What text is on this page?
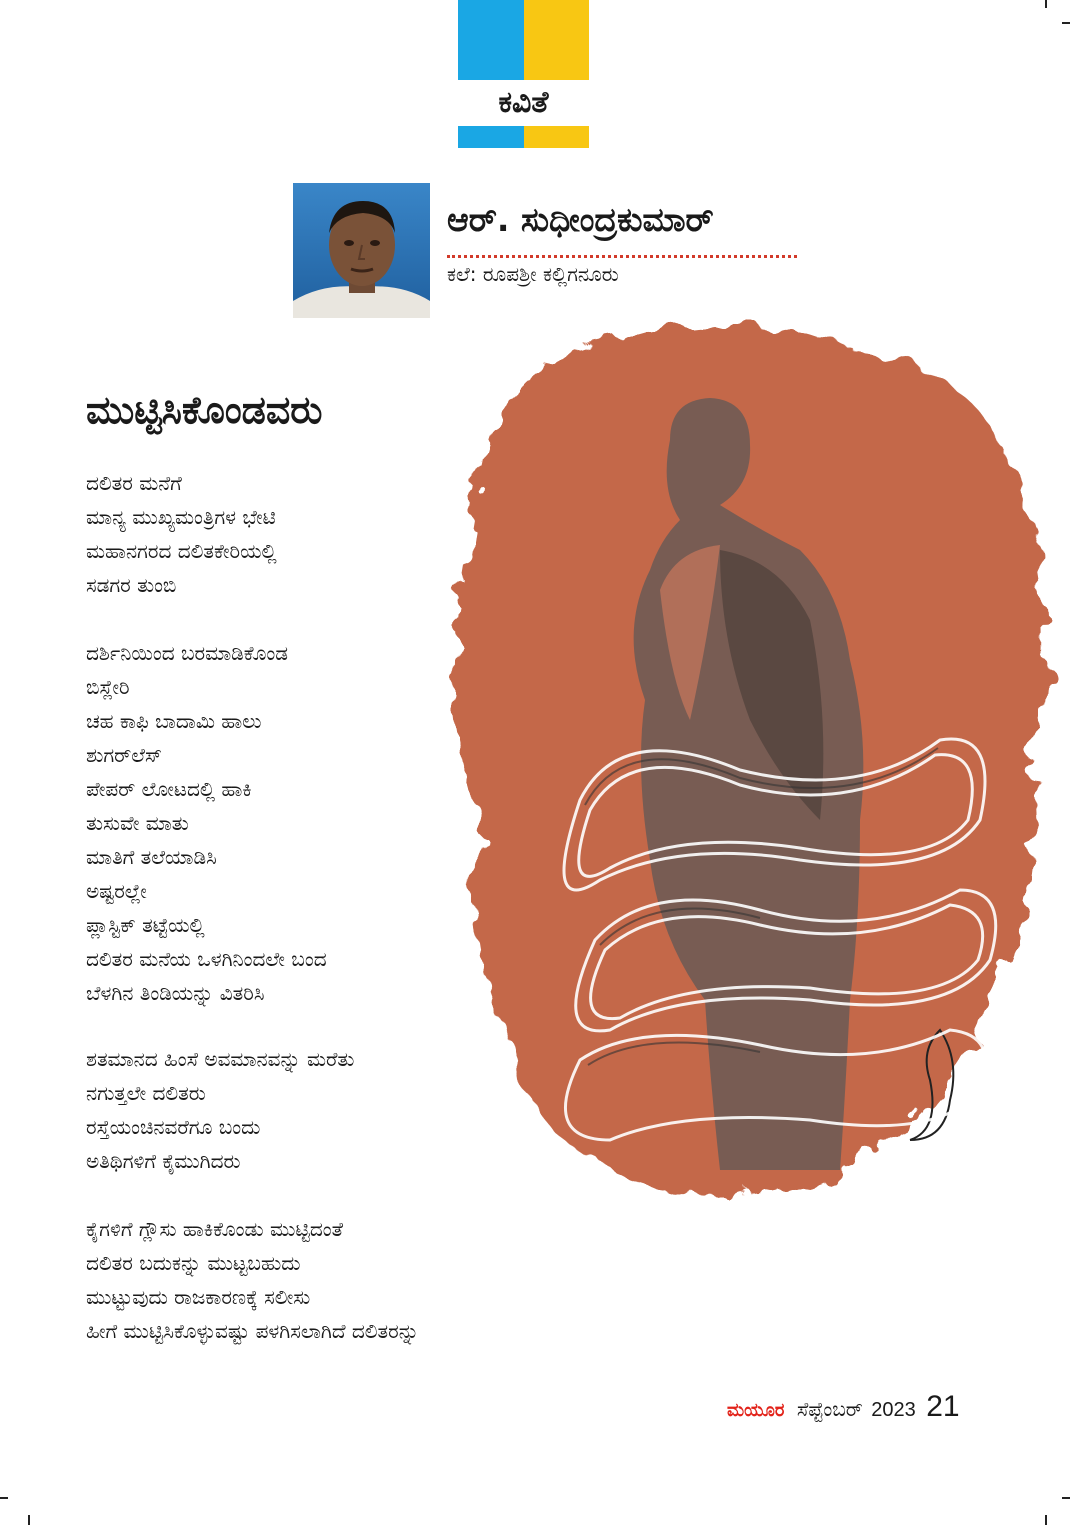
ಕವಿತೆ
ಆರ್. ಸುಧೀಂದ್ರಕುಮಾರ್
ಕಲೆ: ರೂಪಶ್ರೀ ಕಲ್ಲಿಗನೂರು
ಮುಟ್ಟಿಸಿಕೊಂಡವರು
ದಲಿತರ ಮನೆಗೆ
ಮಾನ್ಯ ಮುಖ್ಯಮಂತ್ರಿಗಳ ಭೇಟಿ
ಮಹಾನಗರದ ದಲಿತಕೇರಿಯಲ್ಲಿ
ಸಡಗರ ತುಂಬಿ
ದರ್ಶಿನಿಯಿಂದ ಬರಮಾಡಿಕೊಂಡ
ಬಿಸ್ಲೇರಿ
ಚಹ ಕಾಫಿ ಬಾದಾಮಿ ಹಾಲು
ಶುಗರ್‌ಲೆಸ್
ಪೇಪರ್ ಲೋಟದಲ್ಲಿ ಹಾಕಿ
ತುಸುವೇ ಮಾತು
ಮಾತಿಗೆ ತಲೆಯಾಡಿಸಿ
ಅಷ್ಟರಲ್ಲೇ
ಪ್ಲಾಸ್ಟಿಕ್ ತಟ್ಟೆಯಲ್ಲಿ
ದಲಿತರ ಮನೆಯ ಒಳಗಿನಿಂದಲೇ ಬಂದ
ಬೆಳಗಿನ ತಿಂಡಿಯನ್ನು ವಿತರಿಸಿ
ಶತಮಾನದ ಹಿಂಸೆ ಅವಮಾನವನ್ನು ಮರೆತು
ನಗುತ್ತಲೇ ದಲಿತರು
ರಸ್ತೆಯಂಚಿನವರೆಗೂ ಬಂದು
ಅತಿಥಿಗಳಿಗೆ ಕೈಮುಗಿದರು
ಕೈಗಳಿಗೆ ಗ್ಲೌಸು ಹಾಕಿಕೊಂಡು ಮುಟ್ಟಿದಂತೆ
ದಲಿತರ ಬದುಕನ್ನು ಮುಟ್ಟಬಹುದು
ಮುಟ್ಟುವುದು ರಾಜಕಾರಣಕ್ಕೆ ಸಲೀಸು
ಹೀಗೆ ಮುಟ್ಟಿಸಿಕೊಳ್ಳುವಷ್ಟು ಪಳಗಿಸಲಾಗಿದೆ ದಲಿತರನ್ನು
ಮಯೂರ ಸೆಪ್ಟೆಂಬರ್ 2023 21
